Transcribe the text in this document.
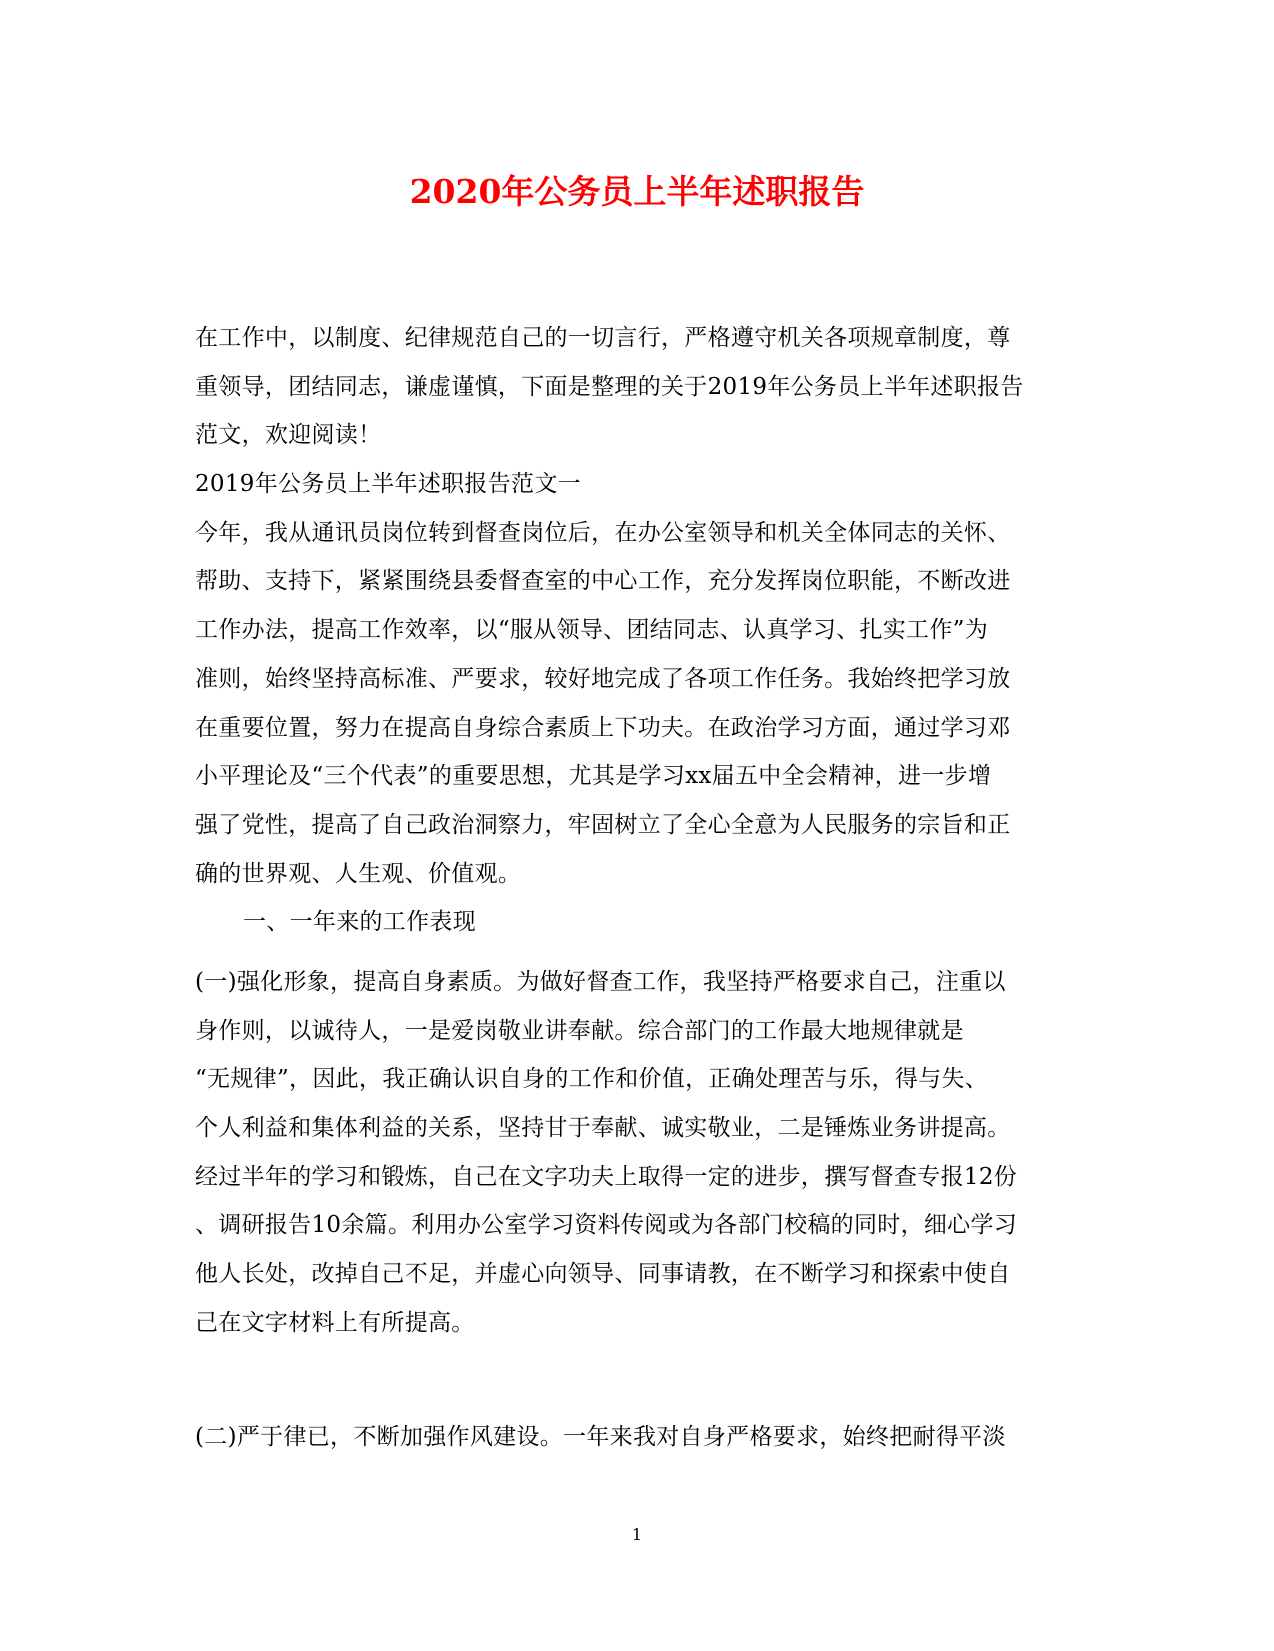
2020年公务员上半年述职报告
在工作中，以制度、纪律规范自己的一切言行，严格遵守机关各项规章制度，尊
重领导，团结同志，谦虚谨慎，下面是整理的关于2019年公务员上半年述职报告
范文，欢迎阅读！
2019年公务员上半年述职报告范文一
今年，我从通讯员岗位转到督查岗位后，在办公室领导和机关全体同志的关怀、
帮助、支持下，紧紧围绕县委督查室的中心工作，充分发挥岗位职能，不断改进
工作办法，提高工作效率，以“服从领导、团结同志、认真学习、扎实工作”为
准则，始终坚持高标准、严要求，较好地完成了各项工作任务。我始终把学习放
在重要位置，努力在提高自身综合素质上下功夫。在政治学习方面，通过学习邓
小平理论及“三个代表”的重要思想，尤其是学习xx届五中全会精神，进一步增
强了党性，提高了自己政治洞察力，牢固树立了全心全意为人民服务的宗旨和正
确的世界观、人生观、价值观。
一、一年来的工作表现
(一)强化形象，提高自身素质。为做好督查工作，我坚持严格要求自己，注重以
身作则，以诚待人，一是爱岗敬业讲奉献。综合部门的工作最大地规律就是
“无规律”，因此，我正确认识自身的工作和价值，正确处理苦与乐，得与失、
个人利益和集体利益的关系，坚持甘于奉献、诚实敬业，二是锤炼业务讲提高。
经过半年的学习和锻炼，自己在文字功夫上取得一定的进步，撰写督查专报12份
、调研报告10余篇。利用办公室学习资料传阅或为各部门校稿的同时，细心学习
他人长处，改掉自己不足，并虚心向领导、同事请教，在不断学习和探索中使自
己在文字材料上有所提高。
(二)严于律已，不断加强作风建设。一年来我对自身严格要求，始终把耐得平淡
1
